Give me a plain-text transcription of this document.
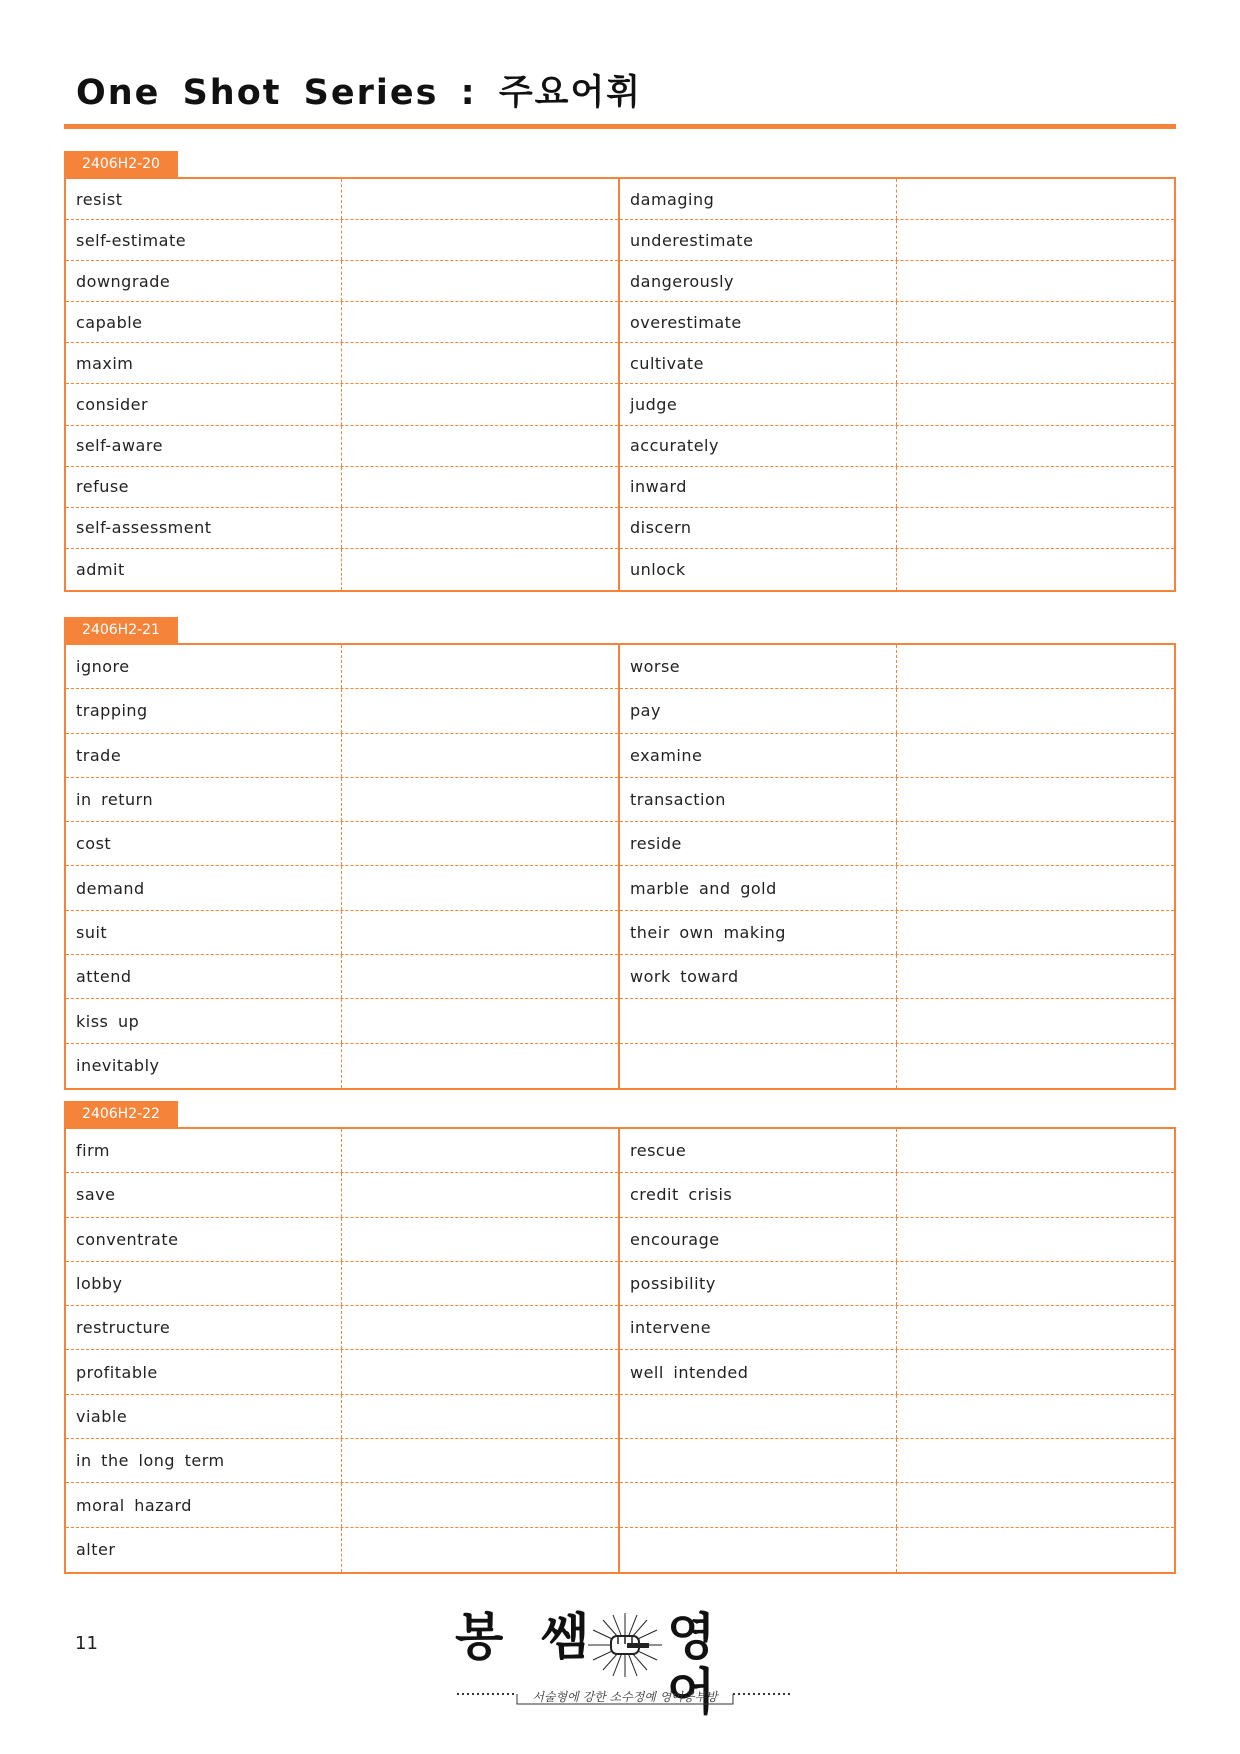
One Shot Series : 주요어휘
2406H2-20
resist
self-estimate
downgrade
capable
maxim
consider
self-aware
refuse
self-assessment
admit
damaging
underestimate
dangerously
overestimate
cultivate
judge
accurately
inward
discern
unlock
2406H2-21
ignore
trapping
trade
in return
cost
demand
suit
attend
kiss up
inevitably
worse
pay
examine
transaction
reside
marble and gold
their own making
work toward
2406H2-22
firm
save
conventrate
lobby
restructure
profitable
viable
in the long term
moral hazard
alter
rescue
credit crisis
encourage
possibility
intervene
well intended
11	봉 쌤 영 어
서술형에 강한 소수정예 영어공부방
